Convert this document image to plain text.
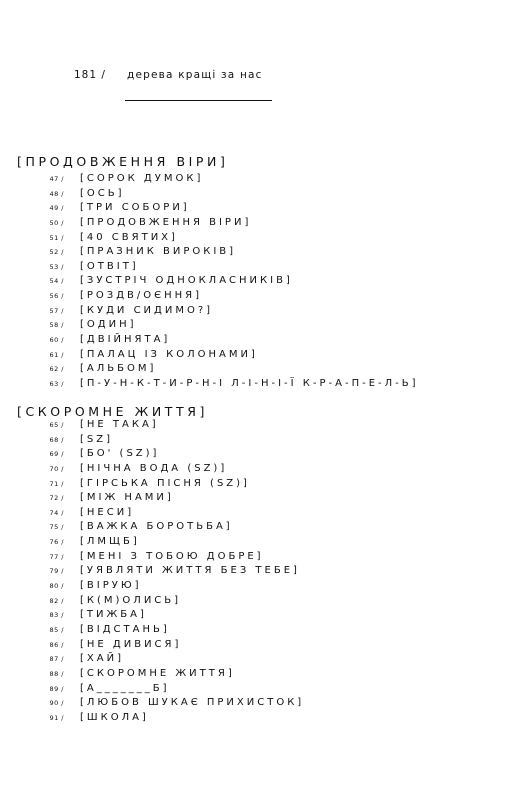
181 / дерева кращі за нас
[ПРОДОВЖЕННЯ ВІРИ]
47 / [СОРОК ДУМОК]
48 / [ОСЬ]
49 / [ТРИ СОБОРИ]
50 / [ПРОДОВЖЕННЯ ВІРИ]
51 / [40 СВЯТИХ]
52 / [ПРАЗНИК ВИРОКІВ]
53 / [ОТВІТ]
54 / [ЗУСТРІЧ ОДНОКЛАСНИКІВ]
56 / [РОЗДВ/ОЄННЯ]
57 / [КУДИ СИДИМО?]
58 / [ОДИН]
60 / [ДВІЙНЯТА]
61 / [ПАЛАЦ ІЗ КОЛОНАМИ]
62 / [АЛЬБОМ]
63 / [П-У-Н-К-Т-И-Р-Н-І Л-І-Н-І-Ї К-Р-А-П-Е-Л-Ь]
[СКОРОМНЕ ЖИТТЯ]
65 / [НЕ ТАКА]
68 / [SZ]
69 / [БО' (SZ)]
70 / [НІЧНА ВОДА (SZ)]
71 / [ГІРСЬКА ПІСНЯ (SZ)]
72 / [МІЖ НАМИ]
74 / [НЕСИ]
75 / [ВАЖКА БОРОТЬБА]
76 / [ЛМЩБ]
77 / [МЕНІ З ТОБОЮ ДОБРЕ]
79 / [УЯВЛЯТИ ЖИТТЯ БЕЗ ТЕБЕ]
80 / [ВІРУЮ]
82 / [К(М)ОЛИСЬ]
83 / [ТИЖБА]
85 / [ВІДСТАНЬ]
86 / [НЕ ДИВИСЯ]
87 / [ХАЙ]
88 / [СКОРОМНЕ ЖИТТЯ]
89 / [А_______Б]
90 / [ЛЮБОВ ШУКАЄ ПРИХИСТОК]
91 / [ШКОЛА]
